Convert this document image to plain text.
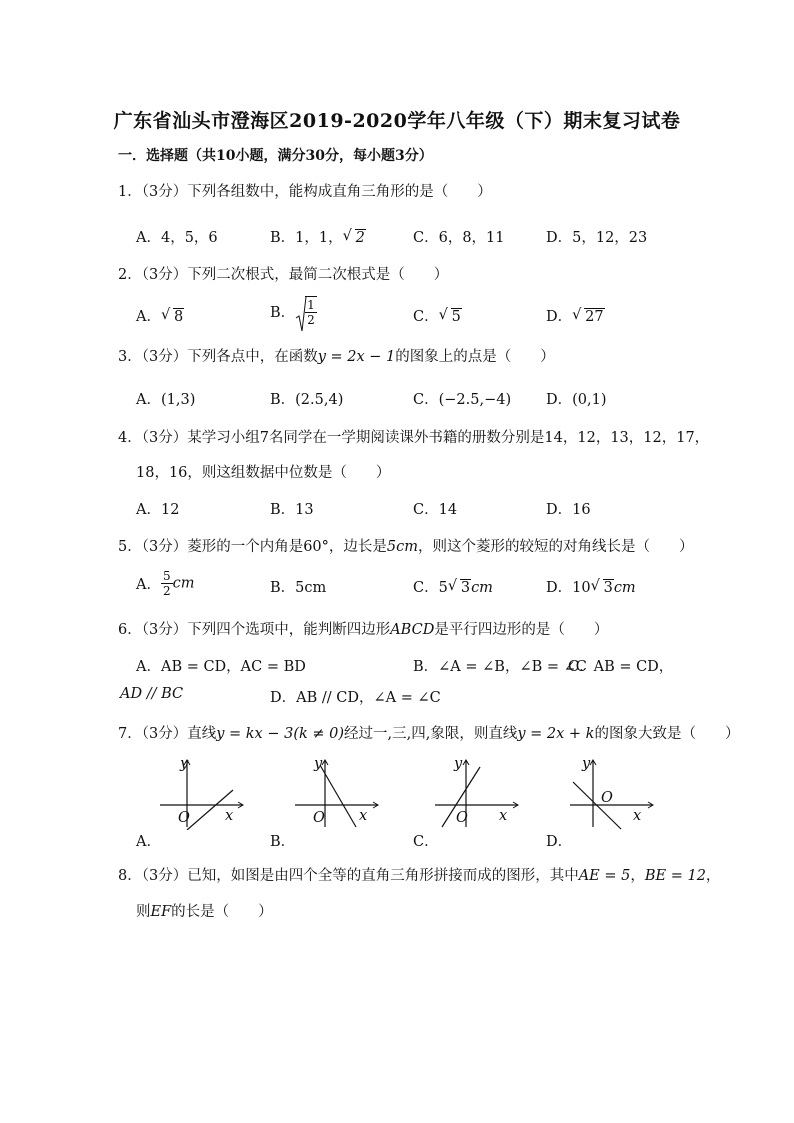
广东省汕头市澄海区2019-2020学年八年级（下）期末复习试卷
一．选择题（共10小题，满分30分，每小题3分）
1．（3分）下列各组数中，能构成直角三角形的是（　　）
A．4，5，6	B．1，1， √ 2	C．6，8，11	D．5，12，23
2．（3分）下列二次根式，最简二次根式是（　　）
A． √ 8	B． $\frac{1}{2}$	C． √ 5	D． √ 27
3．（3分）下列各点中，在函数y = 2x − 1的图象上的点是（　　）
A．(1,3)	B．(2.5,4)	C．(−2.5,−4) D．(0,1)
4．（3分）某学习小组7名同学在一学期阅读课外书籍的册数分别是14，12，13，12，17，
18，16，则这组数据中位数是（　　）
A．12	B．13	C．14	D．16
5．（3分）菱形的一个内角是60°，边长是5cm，则这个菱形的较短的对角线长是（　　）
A． $\frac{5}{2}$ cm	B．5cm	C．5 √ 3cm	D．10 √ 3cm
6．（3分）下列四个选项中，能判断四边形ABCD是平行四边形的是（　　）
A．AB = CD，AC = BD	B．∠A = ∠B，∠B = ∠C
C．AB = CD，
AD // BC	D．AB // CD，∠A = ∠C
7．（3分）直线y = kx − 3(k ≠ 0)经过一,三,四,象限，则直线y = 2x + k的图象大致是（　　）
y
O x
A．
y
O x
B．
y
O x
C．
y
O
x
D．
8．（3分）已知，如图是由四个全等的直角三角形拼接而成的图形，其中AE = 5，BE = 12，
则EF的长是（　　）
